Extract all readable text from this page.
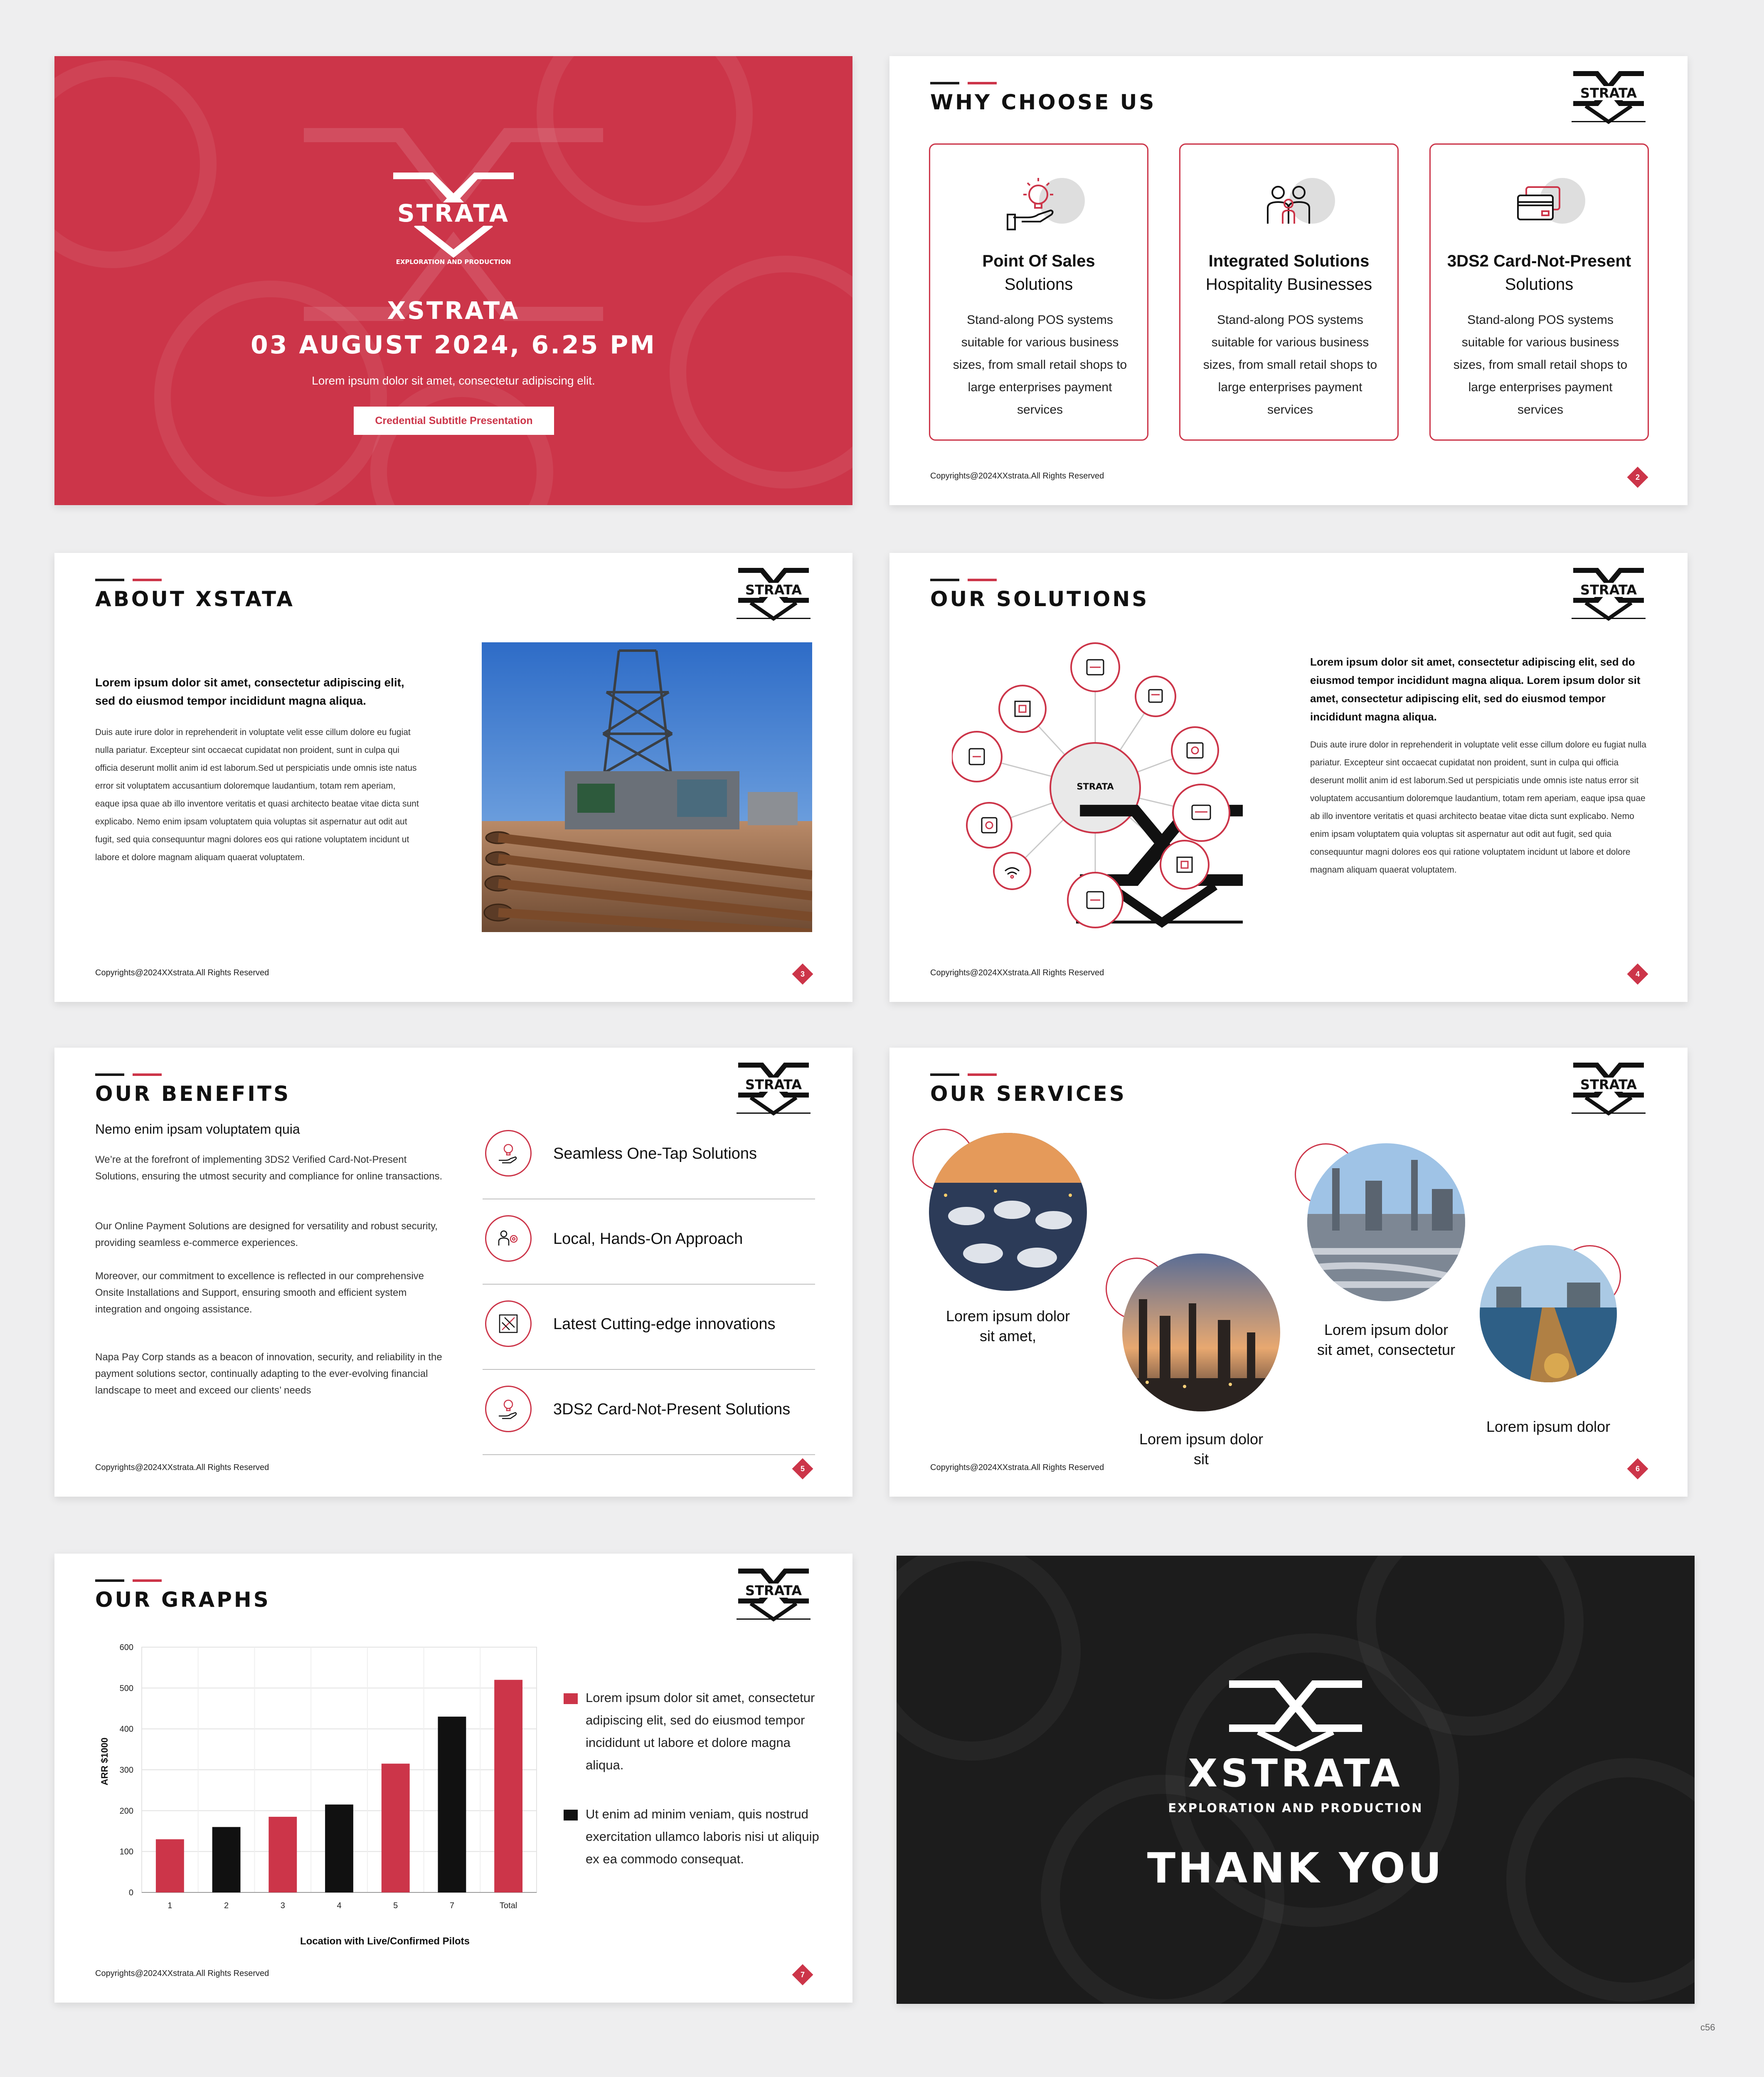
STRATA
EXPLORATION AND PRODUCTION
XSTRATA
03 AUGUST 2024, 6.25 PM
Lorem ipsum dolor sit amet, consectetur adipiscing elit.
Credential Subtitle Presentation
WHY CHOOSE US	STRATA
Point Of Sales
Solutions
Stand-along POS systems suitable for various business sizes, from small retail shops to large enterprises payment services
Integrated Solutions
Hospitality Businesses
Stand-along POS systems suitable for various business sizes, from small retail shops to large enterprises payment services
3DS2 Card-Not-Present
Solutions
Stand-along POS systems suitable for various business sizes, from small retail shops to large enterprises payment services
Copyrights@2024XXstrata.All Rights Reserved	2
ABOUT XSTATA	STRATA
Lorem ipsum dolor sit amet, consectetur adipiscing elit, sed do eiusmod tempor incididunt magna aliqua.
Duis aute irure dolor in reprehenderit in voluptate velit esse cillum dolore eu fugiat nulla pariatur. Excepteur sint occaecat cupidatat non proident, sunt in culpa qui officia deserunt mollit anim id est laborum.Sed ut perspiciatis unde omnis iste natus error sit voluptatem accusantium doloremque laudantium, totam rem aperiam, eaque ipsa quae ab illo inventore veritatis et quasi architecto beatae vitae dicta sunt explicabo. Nemo enim ipsam voluptatem quia voluptas sit aspernatur aut odit aut fugit, sed quia consequuntur magni dolores eos qui ratione voluptatem incidunt ut labore et dolore magnam aliquam quaerat voluptatem.
Copyrights@2024XXstrata.All Rights Reserved	3
OUR SOLUTIONS	STRATA
STRATA
Lorem ipsum dolor sit amet, consectetur adipiscing elit, sed do eiusmod tempor incididunt magna aliqua. Lorem ipsum dolor sit amet, consectetur adipiscing elit, sed do eiusmod tempor incididunt magna aliqua.
Duis aute irure dolor in reprehenderit in voluptate velit esse cillum dolore eu fugiat nulla pariatur. Excepteur sint occaecat cupidatat non proident, sunt in culpa qui officia deserunt mollit anim id est laborum.Sed ut perspiciatis unde omnis iste natus error sit voluptatem accusantium doloremque laudantium, totam rem aperiam, eaque ipsa quae ab illo inventore veritatis et quasi architecto beatae vitae dicta sunt explicabo. Nemo enim ipsam voluptatem quia voluptas sit aspernatur aut odit aut fugit, sed quia consequuntur magni dolores eos qui ratione voluptatem incidunt ut labore et dolore magnam aliquam quaerat voluptatem.
Copyrights@2024XXstrata.All Rights Reserved	4
OUR BENEFITS	STRATA
Nemo enim ipsam voluptatem quia
We’re at the forefront of implementing 3DS2 Verified Card-Not-Present Solutions, ensuring the utmost security and compliance for online transactions.
Our Online Payment Solutions are designed for versatility and robust security, providing seamless e-commerce experiences.
Moreover, our commitment to excellence is reflected in our comprehensive Onsite Installations and Support, ensuring smooth and efficient system integration and ongoing assistance.
Napa Pay Corp stands as a beacon of innovation, security, and reliability in the payment solutions sector, continually adapting to the ever-evolving financial landscape to meet and exceed our clients’ needs
Seamless One-Tap Solutions
Local, Hands-On Approach
Latest Cutting-edge innovations
3DS2 Card-Not-Present Solutions
Copyrights@2024XXstrata.All Rights Reserved	5
OUR SERVICES	STRATA
Lorem ipsum dolor
sit amet,
Lorem ipsum dolor
sit
Lorem ipsum dolor
sit amet, consectetur
Lorem ipsum dolor
Copyrights@2024XXstrata.All Rights Reserved	6
OUR GRAPHS	STRATA
0
100
200
300
400
500
600
1	2	3	4	5	7	Total
ARR $1000
Location with Live/Confirmed Pilots
Lorem ipsum dolor sit amet, consectetur adipiscing elit, sed do eiusmod tempor incididunt ut labore et dolore magna aliqua.
Ut enim ad minim veniam, quis nostrud exercitation ullamco laboris nisi ut aliquip ex ea commodo consequat.
Copyrights@2024XXstrata.All Rights Reserved	7
XSTRATA
EXPLORATION AND PRODUCTION
THANK YOU
c56
